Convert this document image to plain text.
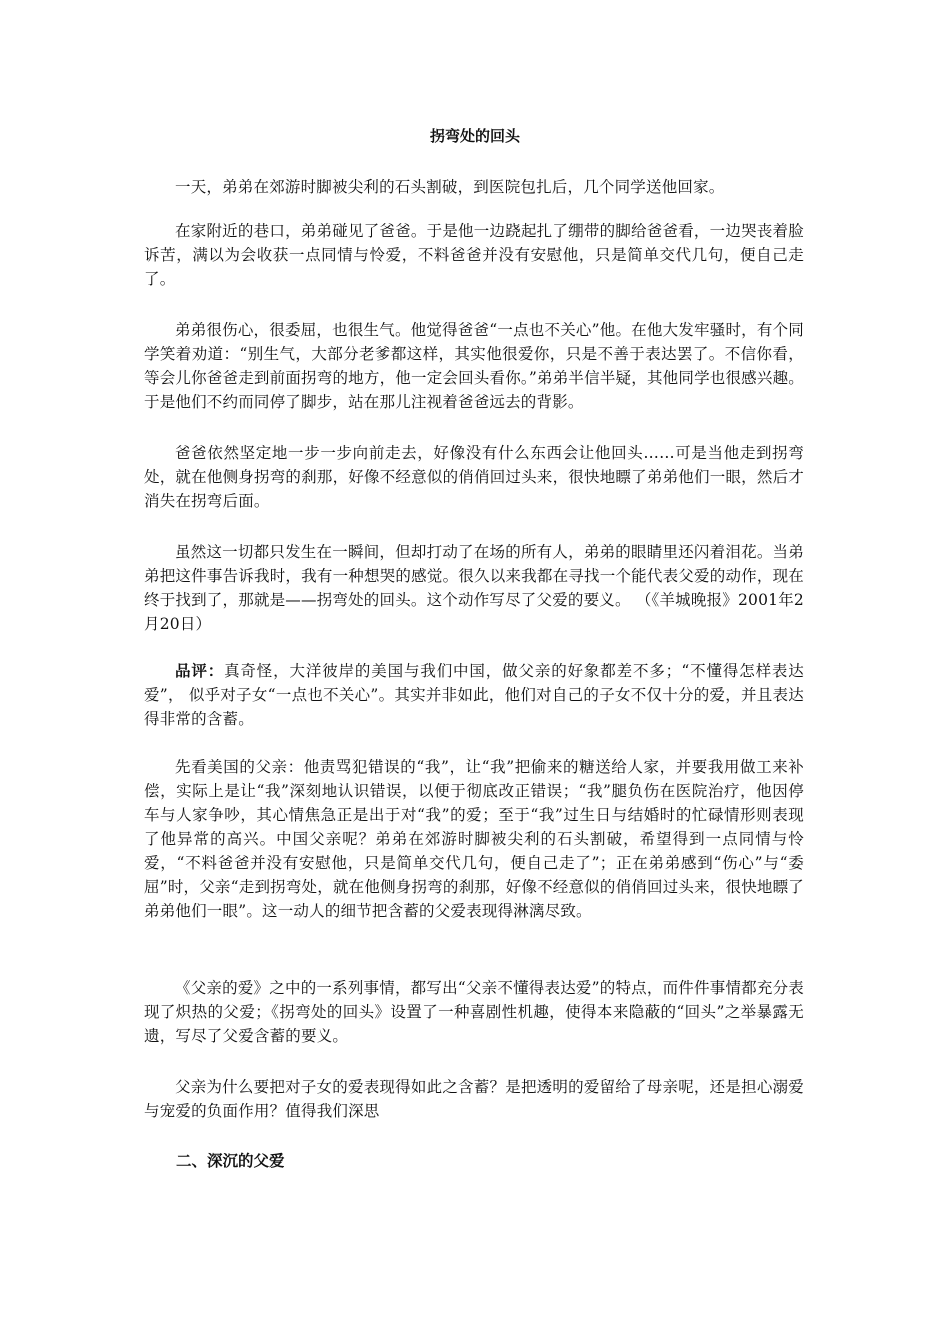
拐弯处的回头

一天，弟弟在郊游时脚被尖利的石头割破，到医院包扎后，几个同学送他回家。

在家附近的巷口，弟弟碰见了爸爸。于是他一边跷起扎了绷带的脚给爸爸看，一边哭丧着脸诉苦，满以为会收获一点同情与怜爱，不料爸爸并没有安慰他，只是简单交代几句，便自己走了。

弟弟很伤心，很委屈，也很生气。他觉得爸爸“一点也不关心”他。在他大发牢骚时，有个同学笑着劝道：“别生气，大部分老爹都这样，其实他很爱你，只是不善于表达罢了。不信你看，等会儿你爸爸走到前面拐弯的地方，他一定会回头看你。”弟弟半信半疑，其他同学也很感兴趣。于是他们不约而同停了脚步，站在那儿注视着爸爸远去的背影。

爸爸依然坚定地一步一步向前走去，好像没有什么东西会让他回头……可是当他走到拐弯处，就在他侧身拐弯的刹那，好像不经意似的俏俏回过头来，很快地瞟了弟弟他们一眼，然后才消失在拐弯后面。

虽然这一切都只发生在一瞬间，但却打动了在场的所有人，弟弟的眼睛里还闪着泪花。当弟弟把这件事告诉我时，我有一种想哭的感觉。很久以来我都在寻找一个能代表父爱的动作，现在终于找到了，那就是——拐弯处的回头。这个动作写尽了父爱的要义。 （《羊城晚报》2001年2月20日）

品评：真奇怪，大洋彼岸的美国与我们中国，做父亲的好象都差不多；“不懂得怎样表达爱”， 似乎对子女“一点也不关心”。其实并非如此，他们对自己的子女不仅十分的爱，并且表达得非常的含蓄。

先看美国的父亲：他责骂犯错误的“我”，让“我”把偷来的糖送给人家，并要我用做工来补偿，实际上是让“我”深刻地认识错误，以便于彻底改正错误；“我”腿负伤在医院治疗，他因停车与人家争吵，其心情焦急正是出于对“我”的爱；至于“我”过生日与结婚时的忙碌情形则表现了他异常的高兴。中国父亲呢？弟弟在郊游时脚被尖利的石头割破，希望得到一点同情与怜爱，“不料爸爸并没有安慰他，只是简单交代几句，便自己走了”；正在弟弟感到“伤心”与“委屈”时，父亲“走到拐弯处，就在他侧身拐弯的刹那，好像不经意似的俏俏回过头来，很快地瞟了弟弟他们一眼”。这一动人的细节把含蓄的父爱表现得淋漓尽致。

《父亲的爱》之中的一系列事情，都写出“父亲不懂得表达爱”的特点，而件件事情都充分表现了炽热的父爱；《拐弯处的回头》设置了一种喜剧性机趣，使得本来隐蔽的“回头”之举暴露无遗，写尽了父爱含蓄的要义。

父亲为什么要把对子女的爱表现得如此之含蓄？是把透明的爱留给了母亲呢，还是担心溺爱与宠爱的负面作用？值得我们深思

二、深沉的父爱
